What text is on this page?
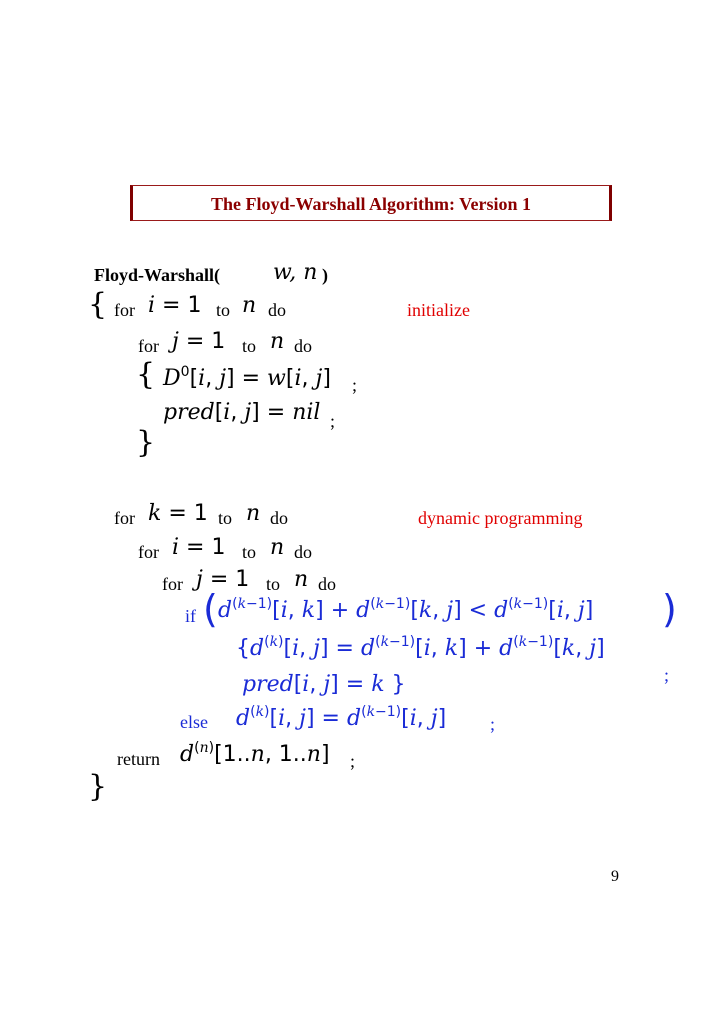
The Floyd-Warshall Algorithm: Version 1
Floyd-Warshall( w, n )
{ for i = 1 to n do	initialize
for j = 1 to n do
{ $D^0[i$, j] = w[i, j] ;
pred[i, j] = nil ;
}
for k = 1 to n do	dynamic programming
for i = 1 to n do
for j = 1 to n do
if ( $d^{(k-1)}[i$, $k] + d^{(k-1)}[k$, $j] < d^{(k-1)}[i$, j] )
{$d^{(k)}[i$, $j] = d^{(k-1)}[i$, $k] + d^{(k-1)}[k$, j]
;
pred[i, j] = k }
else $d^{(k)}[i$, $j] = d^{(k-1)}[i$, j] ;
return $d^{(n)}[1..n$, 1..n] ;
}
9
